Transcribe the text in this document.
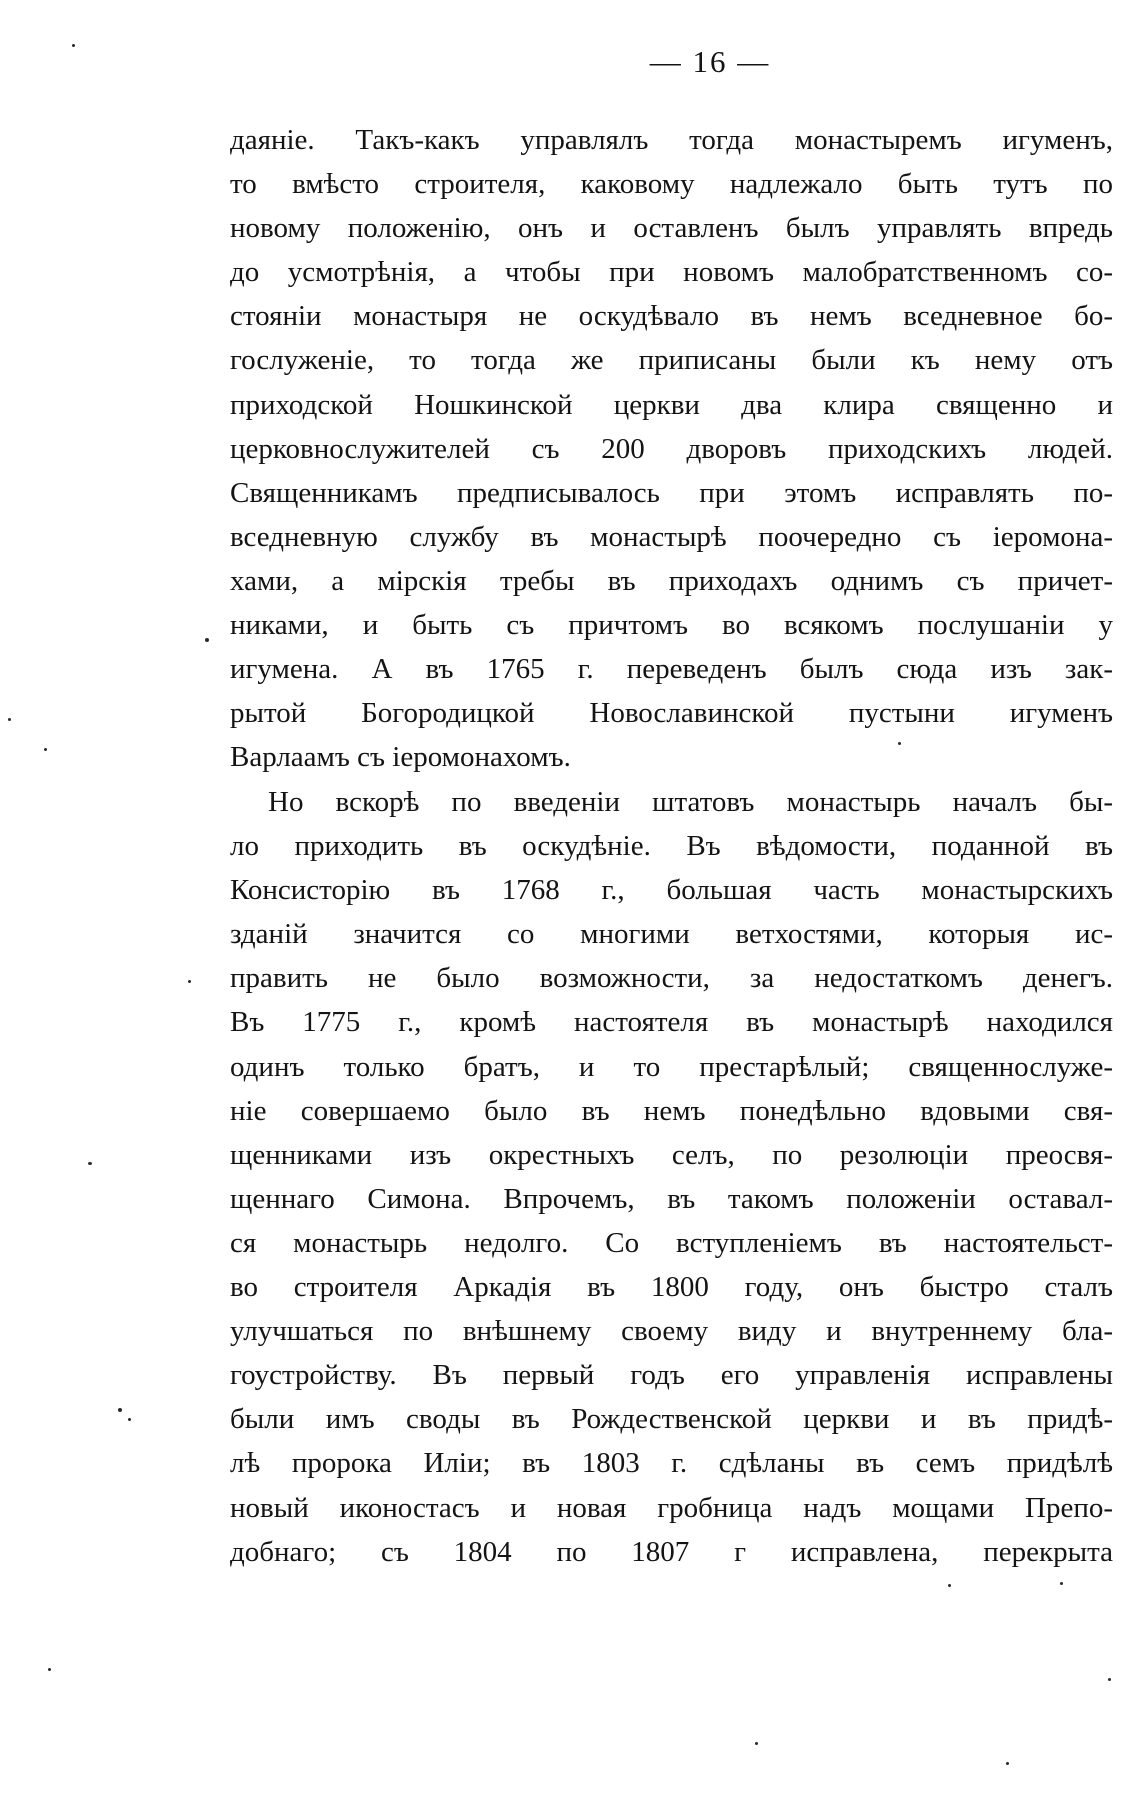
— 16 —
даяніе. Такъ-какъ управлялъ тогда монастыремъ игуменъ,
то вмѣсто строителя, каковому надлежало быть тутъ по
новому положенію, онъ и оставленъ былъ управлять впредь
до усмотрѣнія, а чтобы при новомъ малобратственномъ со-
стояніи монастыря не оскудѣвало въ немъ вседневное бо-
гослуженіе, то тогда же приписаны были къ нему отъ
приходской Ношкинской церкви два клира священно и
церковнослужителей съ 200 дворовъ приходскихъ людей.
Священникамъ предписывалось при этомъ исправлять по-
вседневную службу въ монастырѣ поочередно съ іеромона-
хами, а мірскія требы въ приходахъ однимъ съ причет-
никами, и быть съ причтомъ во всякомъ послушаніи у
игумена. А въ 1765 г. переведенъ былъ сюда изъ зак-
рытой Богородицкой Новославинской пустыни игуменъ
Варлаамъ съ іеромонахомъ.
Но вскорѣ по введеніи штатовъ монастырь началъ бы-
ло приходить въ оскудѣніе. Въ вѣдомости, поданной въ
Консисторію въ 1768 г., большая часть монастырскихъ
зданій значится со многими ветхостями, которыя ис-
править не было возможности, за недостаткомъ денегъ.
Въ 1775 г., кромѣ настоятеля въ монастырѣ находился
одинъ только братъ, и то престарѣлый; священнослуже-
ніе совершаемо было въ немъ понедѣльно вдовыми свя-
щенниками изъ окрестныхъ селъ, по резолюціи преосвя-
щеннаго Симона. Впрочемъ, въ такомъ положеніи оставал-
ся монастырь недолго. Со вступленіемъ въ настоятельст-
во строителя Аркадія въ 1800 году, онъ быстро сталъ
улучшаться по внѣшнему своему виду и внутреннему бла-
гоустройству. Въ первый годъ его управленія исправлены
были имъ своды въ Рождественской церкви и въ придѣ-
лѣ пророка Иліи; въ 1803 г. сдѣланы въ семъ придѣлѣ
новый иконостасъ и новая гробница надъ мощами Препо-
добнаго; съ 1804 по 1807 г исправлена, перекрыта
